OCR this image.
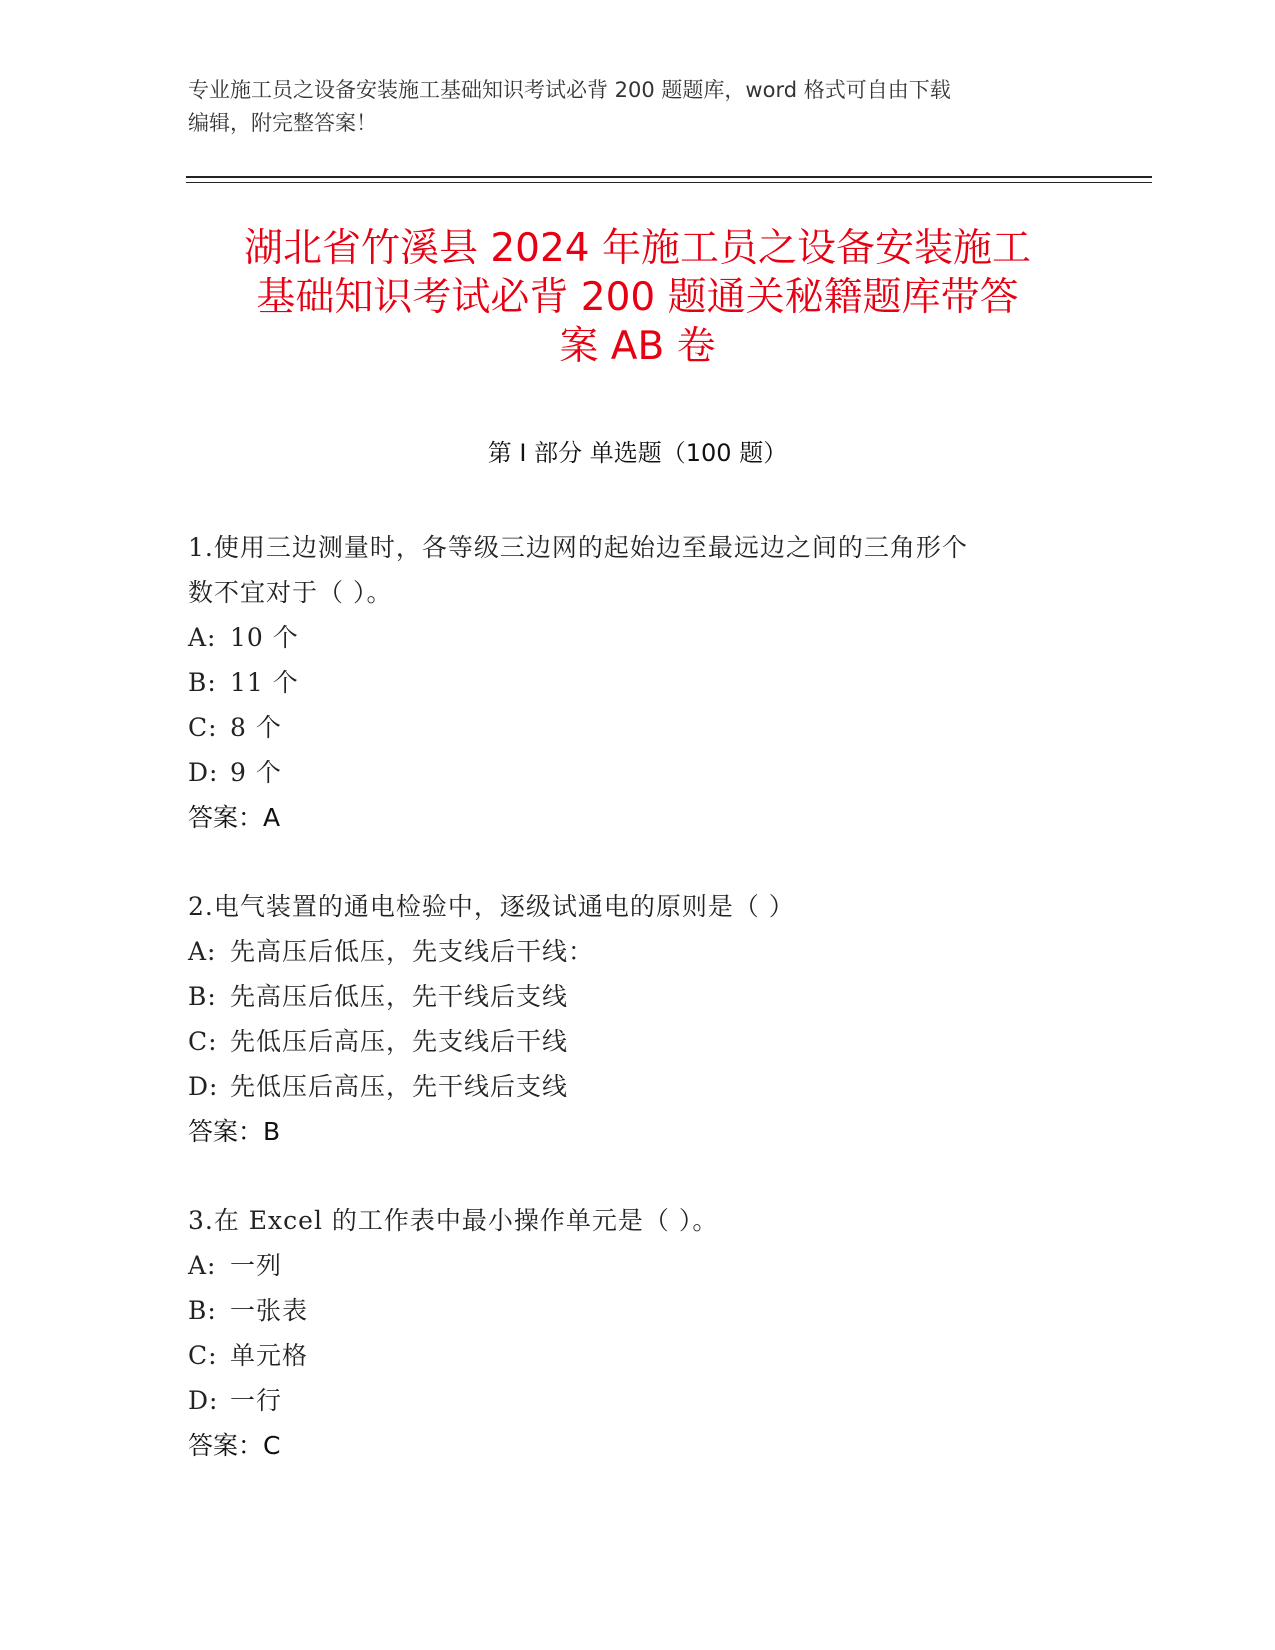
专业施工员之设备安装施工基础知识考试必背 200 题题库，word 格式可自由下载
编辑，附完整答案！
湖北省竹溪县 2024 年施工员之设备安装施工
基础知识考试必背 200 题通关秘籍题库带答
案 AB 卷
第 I 部分 单选题（100 题）
1.使用三边测量时，各等级三边网的起始边至最远边之间的三角形个
数不宜对于（ ）。
A: 10 个
B: 11 个
C: 8 个
D: 9 个
答案：A
2.电气装置的通电检验中，逐级试通电的原则是（ ）
A: 先高压后低压，先支线后干线：
B: 先高压后低压，先干线后支线
C: 先低压后高压，先支线后干线
D: 先低压后高压，先干线后支线
答案：B
3.在 Excel 的工作表中最小操作单元是（ ）。
A: 一列
B: 一张表
C: 单元格
D: 一行
答案：C
